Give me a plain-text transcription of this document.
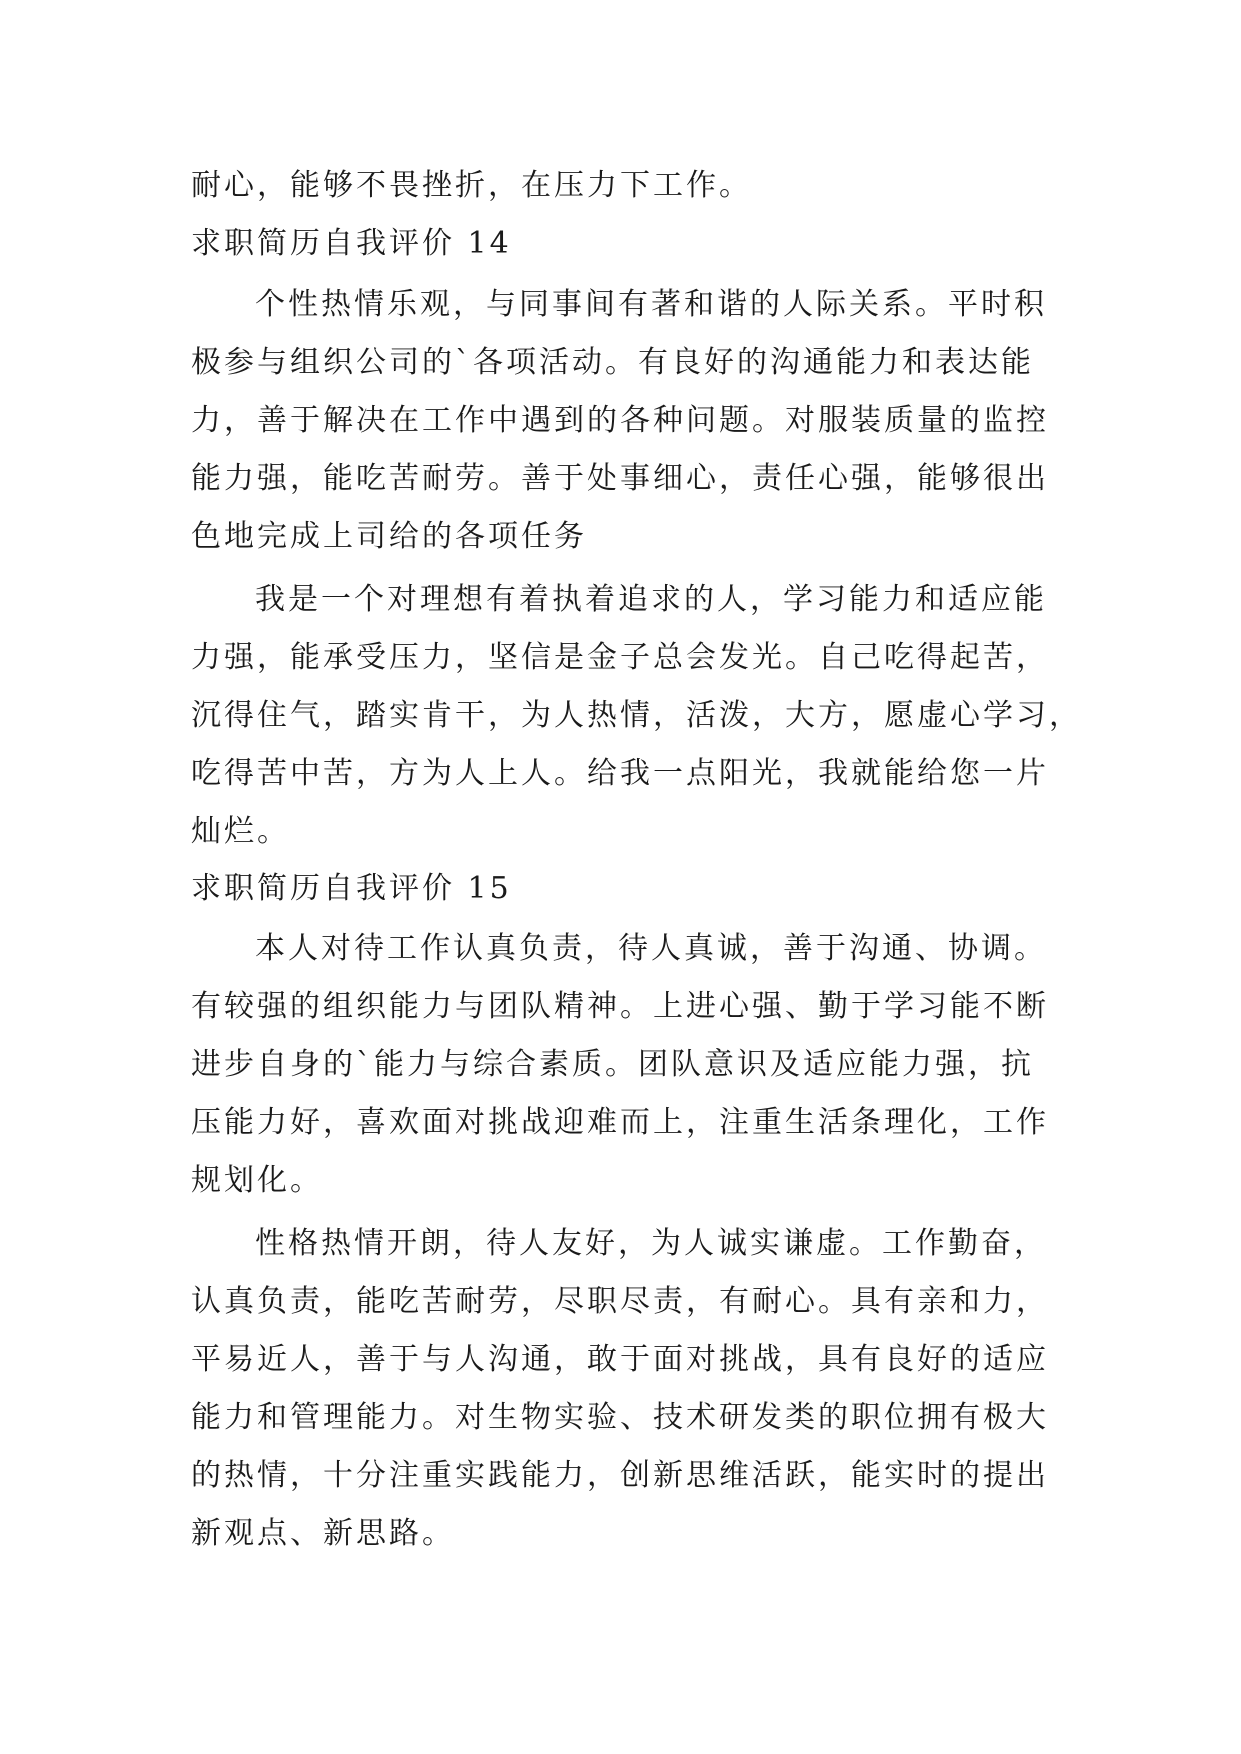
耐心，能够不畏挫折，在压力下工作。
求职简历自我评价 14
个性热情乐观，与同事间有著和谐的人际关系。平时积
极参与组织公司的`各项活动。有良好的沟通能力和表达能
力，善于解决在工作中遇到的各种问题。对服装质量的监控
能力强，能吃苦耐劳。善于处事细心，责任心强，能够很出
色地完成上司给的各项任务
我是一个对理想有着执着追求的人，学习能力和适应能
力强，能承受压力，坚信是金子总会发光。自己吃得起苦，
沉得住气，踏实肯干，为人热情，活泼，大方，愿虚心学习，
吃得苦中苦，方为人上人。给我一点阳光，我就能给您一片
灿烂。
求职简历自我评价 15
本人对待工作认真负责，待人真诚，善于沟通、协调。
有较强的组织能力与团队精神。上进心强、勤于学习能不断
进步自身的`能力与综合素质。团队意识及适应能力强，抗
压能力好，喜欢面对挑战迎难而上，注重生活条理化，工作
规划化。
性格热情开朗，待人友好，为人诚实谦虚。工作勤奋，
认真负责，能吃苦耐劳，尽职尽责，有耐心。具有亲和力，
平易近人，善于与人沟通，敢于面对挑战，具有良好的适应
能力和管理能力。对生物实验、技术研发类的职位拥有极大
的热情，十分注重实践能力，创新思维活跃，能实时的提出
新观点、新思路。
